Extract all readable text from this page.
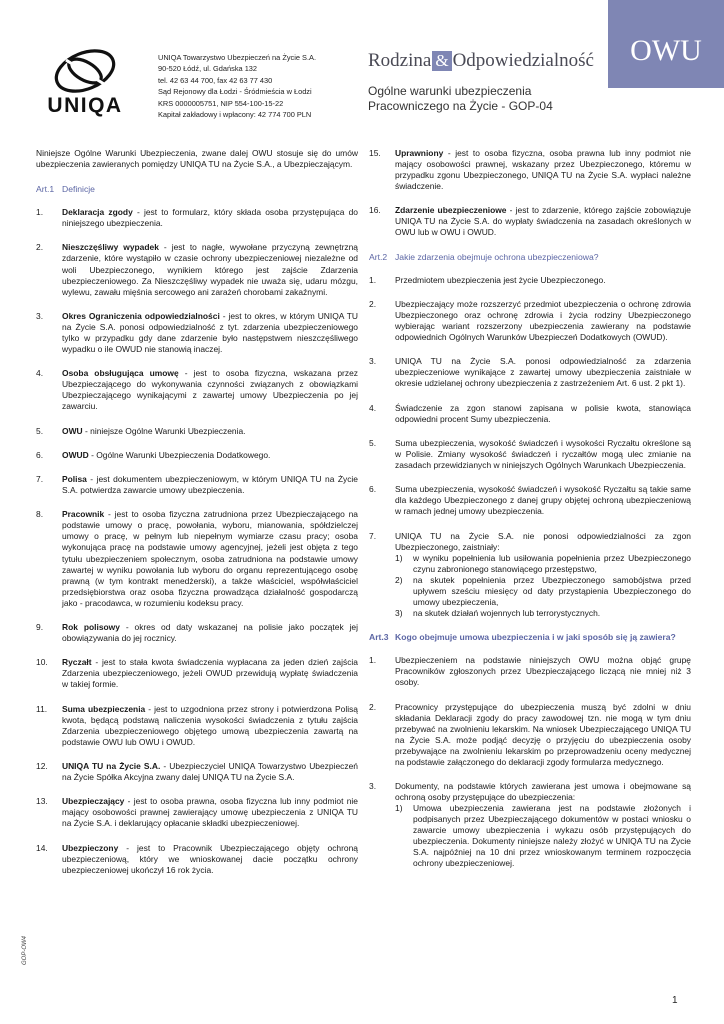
UNIQA
UNIQA Towarzystwo Ubezpieczeń na Życie S.A.
90-520 Łódź, ul. Gdańska 132
tel. 42 63 44 700, fax 42 63 77 430
Sąd Rejonowy dla Łodzi - Śródmieścia w Łodzi
KRS 0000005751, NIP 554-100-15-22
Kapitał zakładowy i wpłacony: 42 774 700 PLN
Rodzina & Odpowiedzialność	OWU
Ogólne warunki ubezpieczenia
Pracowniczego na Życie - GOP-04

Niniejsze Ogólne Warunki Ubezpieczenia, zwane dalej OWU stosuje się do umów ubezpieczenia zawieranych pomiędzy UNIQA TU na Życie S.A., a Ubezpieczającym.

Art.1 Definicje
1. Deklaracja zgody - jest to formularz, który składa osoba przystępująca do niniejszego ubezpieczenia.
2. Nieszczęśliwy wypadek - jest to nagłe, wywołane przyczyną zewnętrzną zdarzenie, które wystąpiło w czasie ochrony ubezpieczeniowej niezależne od woli Ubezpieczonego, wynikiem którego jest zajście Zdarzenia ubezpieczeniowego. Za Nieszczęśliwy wypadek nie uważa się, udaru mózgu, wylewu, zawału mięśnia sercowego ani zarażeń chorobami zakaźnymi.
3. Okres Ograniczenia odpowiedzialności - jest to okres, w którym UNIQA TU na Życie S.A. ponosi odpowiedzialność z tyt. zdarzenia ubezpieczeniowego tylko w przypadku gdy dane zdarzenie było następstwem nieszczęśliwego wypadku o ile OWUD nie stanowią inaczej.
4. Osoba obsługująca umowę - jest to osoba fizyczna, wskazana przez Ubezpieczającego do wykonywania czynności związanych z obowiązkami Ubezpieczającego wynikającymi z zawartej umowy Ubezpieczenia po jej zawarciu.
5. OWU - niniejsze Ogólne Warunki Ubezpieczenia.
6. OWUD - Ogólne Warunki Ubezpieczenia Dodatkowego.
7. Polisa - jest dokumentem ubezpieczeniowym, w którym UNIQA TU na Życie S.A. potwierdza zawarcie umowy ubezpieczenia.
8. Pracownik - jest to osoba fizyczna zatrudniona przez Ubezpieczającego na podstawie umowy o pracę, powołania, wyboru, mianowania, spółdzielczej umowy o pracę, w pełnym lub niepełnym wymiarze czasu pracy; osoba wykonująca pracę na podstawie umowy agencyjnej, jeżeli jest objęta z tego tytułu ubezpieczeniem społecznym, osoba zatrudniona na podstawie umowy zawartej w wyniku powołania lub wyboru do organu reprezentującego osobę prawną (w tym kontrakt menedżerski), a także właściciel, współwłaściciel przedsiębiorstwa oraz osoba fizyczna prowadząca działalność gospodarczą jako - pracodawca, w rozumieniu kodeksu pracy.
9. Rok polisowy - okres od daty wskazanej na polisie jako początek jej obowiązywania do jej rocznicy.
10. Ryczałt - jest to stała kwota świadczenia wypłacana za jeden dzień zajścia Zdarzenia ubezpieczeniowego, jeżeli OWUD przewidują wypłatę świadczenia w takiej formie.
11. Suma ubezpieczenia - jest to uzgodniona przez strony i potwierdzona Polisą kwota, będącą podstawą naliczenia wysokości świadczenia z tytułu zajścia Zdarzenia ubezpieczeniowego objętego umową ubezpieczenia zawartą na podstawie OWU lub OWU i OWUD.
12. UNIQA TU na Życie S.A. - Ubezpieczyciel UNIQA Towarzystwo Ubezpieczeń na Życie Spółka Akcyjna zwany dalej UNIQA TU na Życie S.A.
13. Ubezpieczający - jest to osoba prawna, osoba fizyczna lub inny podmiot nie mający osobowości prawnej zawierający umowę ubezpieczenia z UNIQA TU na Życie S.A. i deklarujący opłacanie składki ubezpieczeniowej.
14. Ubezpieczony - jest to Pracownik Ubezpieczającego objęty ochroną ubezpieczeniową, który we wnioskowanej dacie początku ochrony ubezpieczeniowej ukończył 16 rok życia.
15. Uprawniony - jest to osoba fizyczna, osoba prawna lub inny podmiot nie mający osobowości prawnej, wskazany przez Ubezpieczonego, któremu w przypadku zgonu Ubezpieczonego, UNIQA TU na Życie S.A. wypłaci należne świadczenie.
16. Zdarzenie ubezpieczeniowe - jest to zdarzenie, którego zajście zobowiązuje UNIQA TU na Życie S.A. do wypłaty świadczenia na zasadach określonych w OWU lub w OWU i OWUD.
Art.2 Jakie zdarzenia obejmuje ochrona ubezpieczeniowa?
1. Przedmiotem ubezpieczenia jest życie Ubezpieczonego.
2. Ubezpieczający może rozszerzyć przedmiot ubezpieczenia o ochronę zdrowia Ubezpieczonego oraz ochronę zdrowia i życia rodziny Ubezpieczonego wybierając wariant rozszerzony ubezpieczenia zawierany na podstawie odpowiednich Ogólnych Warunków Ubezpieczeń Dodatkowych (OWUD).
3. UNIQA TU na Życie S.A. ponosi odpowiedzialność za zdarzenia ubezpieczeniowe wynikające z zawartej umowy ubezpieczenia zaistniałe w okresie udzielanej ochrony ubezpieczenia z zastrzeżeniem Art. 6 ust. 2 pkt 1).
4. Świadczenie za zgon stanowi zapisana w polisie kwota, stanowiąca odpowiedni procent Sumy ubezpieczenia.
5. Suma ubezpieczenia, wysokość świadczeń i wysokości Ryczałtu określone są w Polisie. Zmiany wysokość świadczeń i ryczałtów mogą ulec zmianie na zasadach przewidzianych w niniejszych Ogólnych Warunkach Ubezpieczenia.
6. Suma ubezpieczenia, wysokość świadczeń i wysokość Ryczałtu są takie same dla każdego Ubezpieczonego z danej grupy objętej ochroną ubezpieczeniową w ramach jednej umowy ubezpieczenia.
7. UNIQA TU na Życie S.A. nie ponosi odpowiedzialności za zgon Ubezpieczonego, zaistniały:
1) w wyniku popełnienia lub usiłowania popełnienia przez Ubezpieczonego czynu zabronionego stanowiącego przestępstwo,
2) na skutek popełnienia przez Ubezpieczonego samobójstwa przed upływem sześciu miesięcy od daty przystąpienia Ubezpieczonego do umowy ubezpieczenia,
3) na skutek działań wojennych lub terrorystycznych.
Art.3 Kogo obejmuje umowa ubezpieczenia i w jaki sposób się ją zawiera?
1. Ubezpieczeniem na podstawie niniejszych OWU można objąć grupę Pracowników zgłoszonych przez Ubezpieczającego liczącą nie mniej niż 3 osoby.
2. Pracownicy przystępujące do ubezpieczenia muszą być zdolni w dniu składania Deklaracji zgody do pracy zawodowej tzn. nie mogą w tym dniu przebywać na zwolnieniu lekarskim. Na wniosek Ubezpieczającego UNIQA TU na Życie S.A. może podjąć decyzję o przyjęciu do ubezpieczenia osoby przebywające na zwolnieniu lekarskim po przeprowadzeniu oceny medycznej na podstawie załączonego do deklaracji zgody formularza medycznego.
3. Dokumenty, na podstawie których zawierana jest umowa i obejmowane są ochroną osoby przystępujące do ubezpieczenia:
1) Umowa ubezpieczenia zawierana jest na podstawie złożonych i podpisanych przez Ubezpieczającego dokumentów w postaci wniosku o zawarcie umowy ubezpieczenia i wykazu osób przystępujących do ubezpieczenia. Dokumenty niniejsze należy złożyć w UNIQA TU na Życie S.A. najpóźniej na 10 dni przez wnioskowanym terminem rozpoczęcia ochrony ubezpieczeniowej.
GOP-OW4
1
